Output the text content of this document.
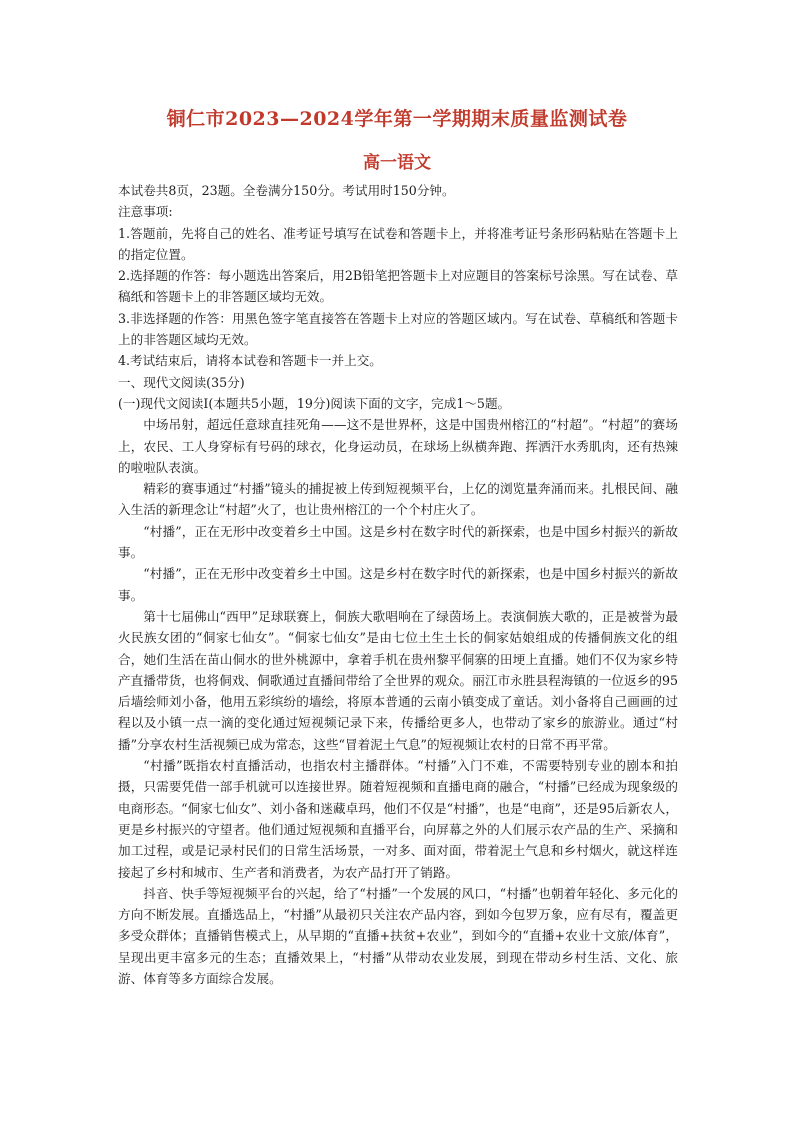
铜仁市2023—2024学年第一学期期末质量监测试卷
高一语文

本试卷共8页，23题。全卷满分150分。考试用时150分钟。

注意事项:

1.答题前，先将自己的姓名、准考证号填写在试卷和答题卡上，并将准考证号条形码粘贴在答题卡上的指定位置。

2.选择题的作答：每小题选出答案后，用2B铅笔把答题卡上对应题目的答案标号涂黑。写在试卷、草稿纸和答题卡上的非答题区域均无效。

3.非选择题的作答：用黑色签字笔直接答在答题卡上对应的答题区域内。写在试卷、草稿纸和答题卡上的非答题区域均无效。

4.考试结束后，请将本试卷和答题卡一并上交。

一、现代文阅读(35分)

(一)现代文阅读Ⅰ(本题共5小题，19分)阅读下面的文字，完成1～5题。

中场吊射，超远任意球直挂死角——这不是世界杯，这是中国贵州榕江的“村超”。“村超”的赛场上，农民、工人身穿标有号码的球衣，化身运动员，在球场上纵横奔跑、挥洒汗水秀肌肉，还有热辣的啦啦队表演。

精彩的赛事通过“村播”镜头的捕捉被上传到短视频平台，上亿的浏览量奔涌而来。扎根民间、融入生活的新理念让“村超”火了，也让贵州榕江的一个个村庄火了。

“村播”，正在无形中改变着乡土中国。这是乡村在数字时代的新探索，也是中国乡村振兴的新故事。

“村播”，正在无形中改变着乡土中国。这是乡村在数字时代的新探索，也是中国乡村振兴的新故事。

第十七届佛山“西甲”足球联赛上，侗族大歌唱响在了绿茵场上。表演侗族大歌的，正是被誉为最火民族女团的“侗家七仙女”。“侗家七仙女”是由七位土生土长的侗家姑娘组成的传播侗族文化的组合，她们生活在苗山侗水的世外桃源中，拿着手机在贵州黎平侗寨的田埂上直播。她们不仅为家乡特产直播带货，也将侗戏、侗歌通过直播间带给了全世界的观众。丽江市永胜县程海镇的一位返乡的95后墙绘师刘小备，他用五彩缤纷的墙绘，将原本普通的云南小镇变成了童话。刘小备将自己画画的过程以及小镇一点一滴的变化通过短视频记录下来，传播给更多人，也带动了家乡的旅游业。通过“村播”分享农村生活视频已成为常态，这些“冒着泥土气息”的短视频让农村的日常不再平常。

“村播”既指农村直播活动，也指农村主播群体。“村播”入门不难，不需要特别专业的剧本和拍摄，只需要凭借一部手机就可以连接世界。随着短视频和直播电商的融合，“村播”已经成为现象级的电商形态。“侗家七仙女”、刘小备和迷藏卓玛，他们不仅是“村播”，也是“电商”，还是95后新农人，更是乡村振兴的守望者。他们通过短视频和直播平台，向屏幕之外的人们展示农产品的生产、采摘和加工过程，或是记录村民们的日常生活场景，一对多、面对面，带着泥土气息和乡村烟火，就这样连接起了乡村和城市、生产者和消费者，为农产品打开了销路。

抖音、快手等短视频平台的兴起，给了“村播”一个发展的风口，“村播”也朝着年轻化、多元化的方向不断发展。直播选品上，“村播”从最初只关注农产品内容，到如今包罗万象，应有尽有，覆盖更多受众群体；直播销售模式上，从早期的“直播+扶贫+农业”，到如今的“直播+农业十文旅/体育”，呈现出更丰富多元的生态；直播效果上，“村播”从带动农业发展，到现在带动乡村生活、文化、旅游、体育等多方面综合发展。
